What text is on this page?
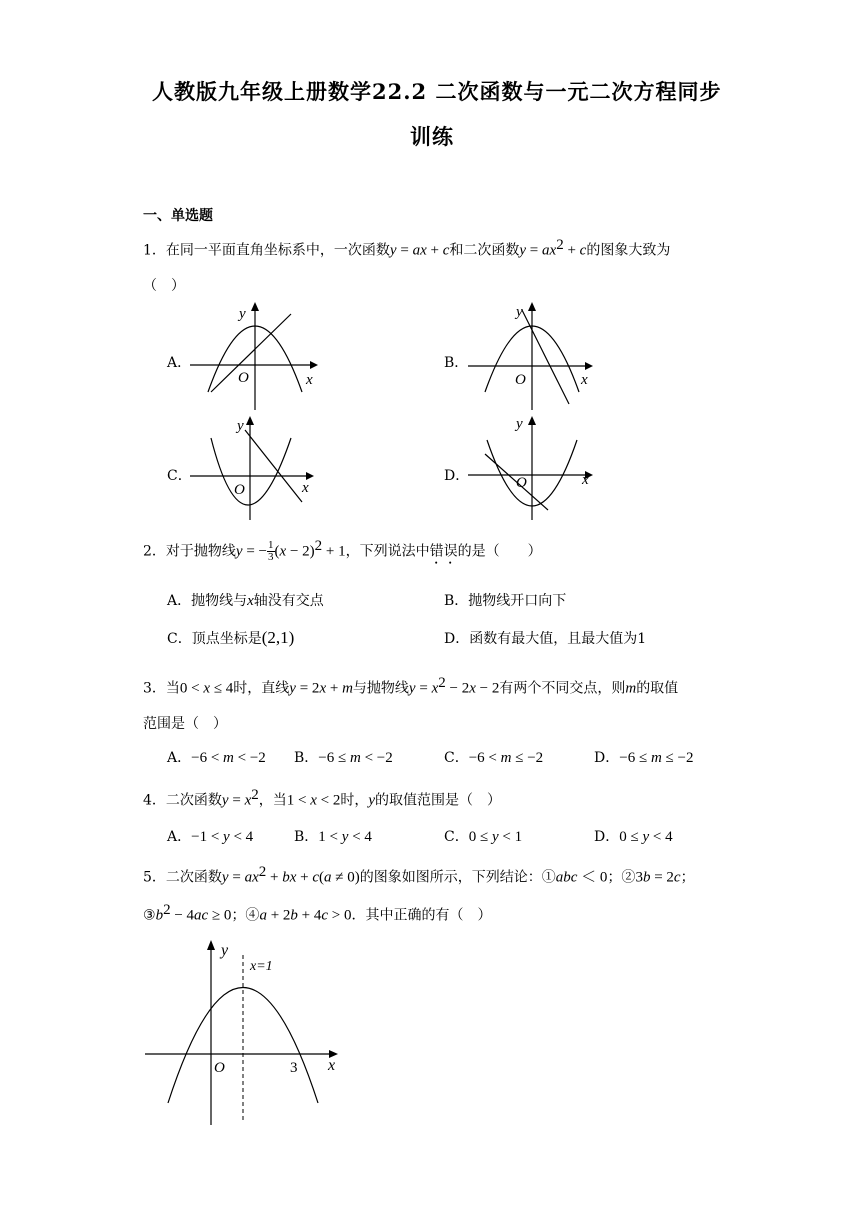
人教版九年级上册数学22.2 二次函数与一元二次方程同步
训练
一、单选题
1．在同一平面直角坐标系中，一次函数y = ax + c和二次函数$y = ax^2 + c$的图象大致为
（　）
A．	B．
C．	D．
y
x
O
y
x
O
y
x
O
y
x
O
2．对于抛物线y = − $\frac{1}{3} (x - 2)^2 + 1$，下列说法中错误的是（　　）
A．抛物线与x轴没有交点	B．抛物线开口向下
C．顶点坐标是(2,1)	D．函数有最大值，且最大值为1
3．当0 < x ≤ 4时，直线y = 2x + m与抛物线$y = x^2 - 2x - 2$有两个不同交点，则m的取值
范围是（　）
A．−6 < m < −2 B．−6 ≤ m < −2	C．−6 < m ≤ −2	D．−6 ≤ m ≤ −2
4．二次函数$y = x^2$，当1 < x < 2时，y的取值范围是（　）
A．−1 < y < 4	B．1 < y < 4	C．0 ≤ y < 1	D．0 ≤ y < 4
5．二次函数$y = ax^2$ + bx + c(a ≠ 0)的图象如图所示，下列结论：①abc ＜ 0；②3b = 2c；
$③b^2 - 4ac \ge 0$；④a + 2b + 4c > 0．其中正确的有（　）
y
x=1
x
O	3
